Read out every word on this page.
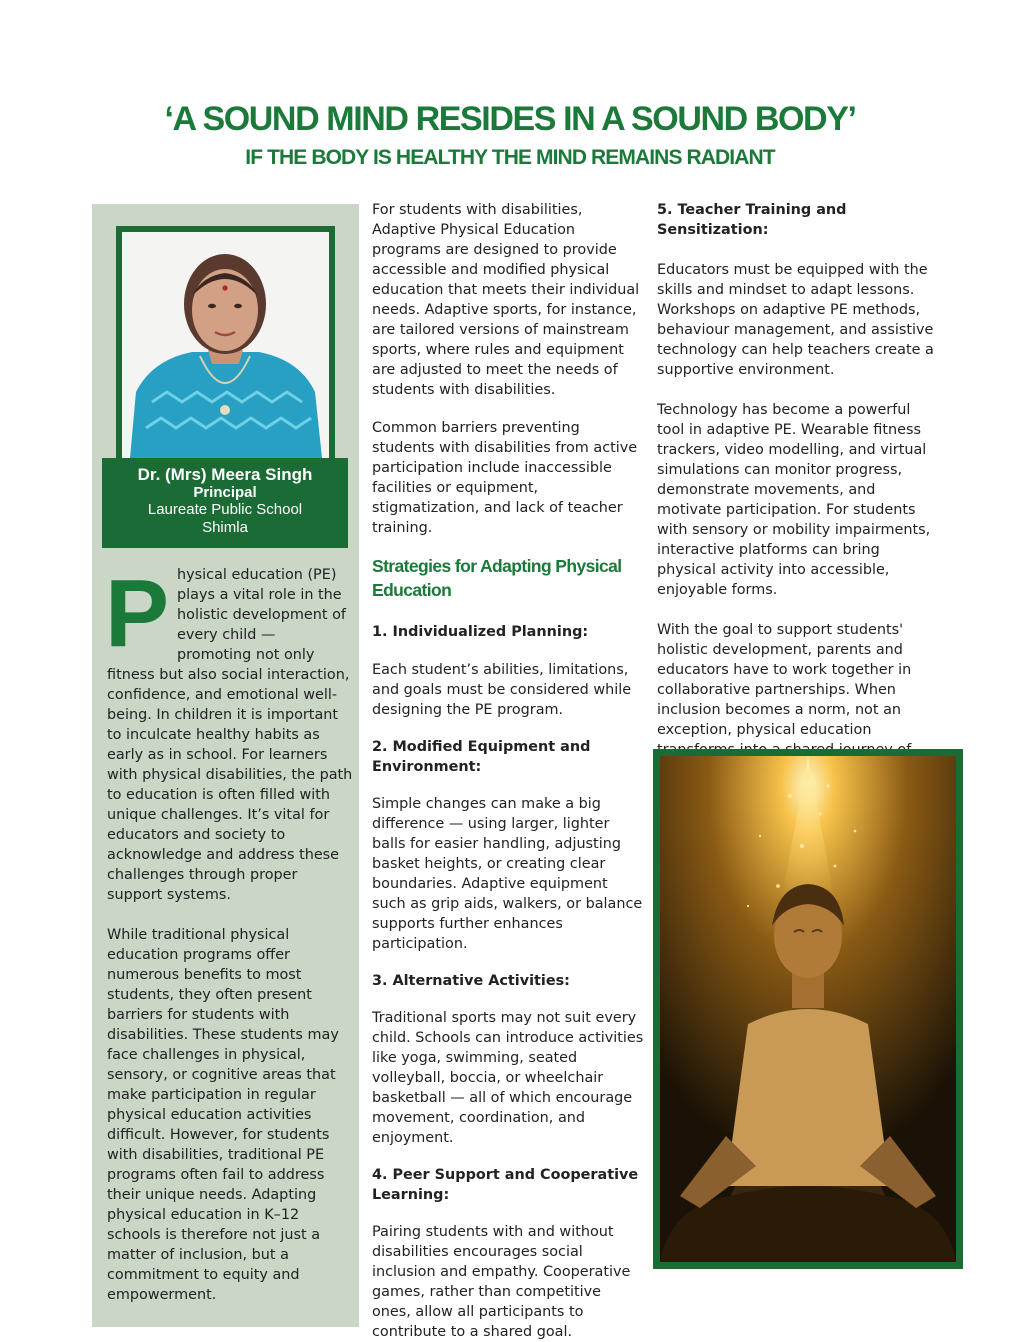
‘A SOUND MIND RESIDES IN A SOUND BODY’
IF THE BODY IS HEALTHY THE MIND REMAINS RADIANT
Dr. (Mrs) Meera Singh
Principal
Laureate Public School
Shimla
P hysical education (PE) plays a vital role in the holistic development of every child — promoting not only fitness but also social interaction, confidence, and emotional well-being. In children it is important to inculcate healthy habits as early as in school. For learners with physical disabilities, the path to education is often filled with unique challenges. It’s vital for educators and society to acknowledge and address these challenges through proper support systems.

While traditional physical education programs offer numerous benefits to most students, they often present barriers for students with disabilities. These students may face challenges in physical, sensory, or cognitive areas that make participation in regular physical education activities difficult. However, for students with disabilities, traditional PE programs often fail to address their unique needs. Adapting physical education in K–12 schools is therefore not just a matter of inclusion, but a commitment to equity and empowerment.

For students with disabilities, Adaptive Physical Education programs are designed to provide accessible and modified physical education that meets their individual needs. Adaptive sports, for instance, are tailored versions of mainstream sports, where rules and equipment are adjusted to meet the needs of students with disabilities.

Common barriers preventing students with disabilities from active participation include inaccessible facilities or equipment, stigmatization, and lack of teacher training.

Strategies for Adapting Physical Education

1. Individualized Planning:

Each student’s abilities, limitations, and goals must be considered while designing the PE program.

2. Modified Equipment and Environment:

Simple changes can make a big difference — using larger, lighter balls for easier handling, adjusting basket heights, or creating clear boundaries. Adaptive equipment such as grip aids, walkers, or balance supports further enhances participation.

3. Alternative Activities:

Traditional sports may not suit every child. Schools can introduce activities like yoga, swimming, seated volleyball, boccia, or wheelchair basketball — all of which encourage movement, coordination, and enjoyment.

4. Peer Support and Cooperative Learning:

Pairing students with and without disabilities encourages social inclusion and empathy. Cooperative games, rather than competitive ones, allow all participants to contribute to a shared goal.

5. Teacher Training and Sensitization:

Educators must be equipped with the skills and mindset to adapt lessons. Workshops on adaptive PE methods, behaviour management, and assistive technology can help teachers create a supportive environment.

Technology has become a powerful tool in adaptive PE. Wearable fitness trackers, video modelling, and virtual simulations can monitor progress, demonstrate movements, and motivate participation. For students with sensory or mobility impairments, interactive platforms can bring physical activity into accessible, enjoyable forms.

With the goal to support students' holistic development, parents and educators have to work together in collaborative partnerships. When inclusion becomes a norm, not an exception, physical education
